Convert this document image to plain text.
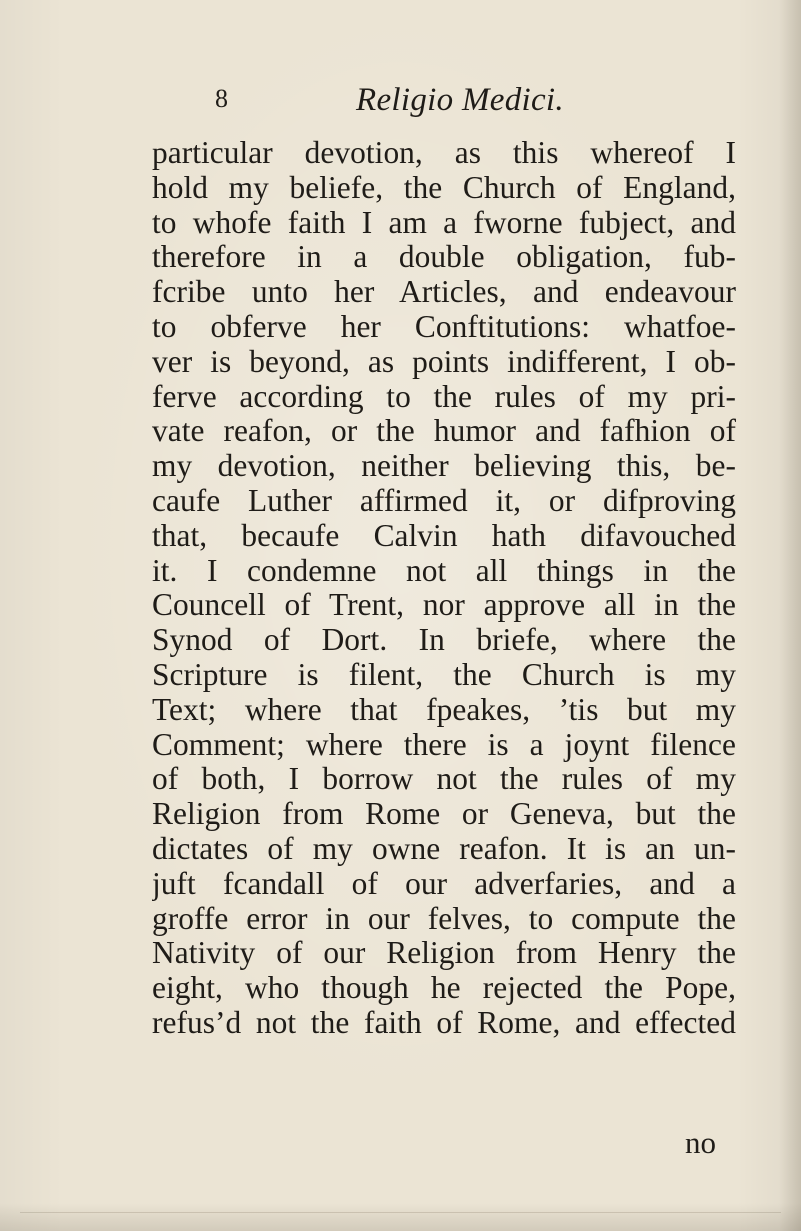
8	Religio Medici.
particular devotion, as this whereof I
hold my beliefe, the Church of England,
to whofe faith I am a fworne fubject, and
therefore in a double obligation, fub-
fcribe unto her Articles, and endeavour
to obferve her Conftitutions: whatfoe-
ver is beyond, as points indifferent, I ob-
ferve according to the rules of my pri-
vate reafon, or the humor and fafhion of
my devotion, neither believing this, be-
caufe Luther affirmed it, or difproving
that, becaufe Calvin hath difavouched
it. I condemne not all things in the
Councell of Trent, nor approve all in the
Synod of Dort. In briefe, where the
Scripture is filent, the Church is my
Text; where that fpeakes, ’tis but my
Comment; where there is a joynt filence
of both, I borrow not the rules of my
Religion from Rome or Geneva, but the
dictates of my owne reafon. It is an un-
juft fcandall of our adverfaries, and a
groffe error in our felves, to compute the
Nativity of our Religion from Henry the
eight, who though he rejected the Pope,
refus’d not the faith of Rome, and effected
no
